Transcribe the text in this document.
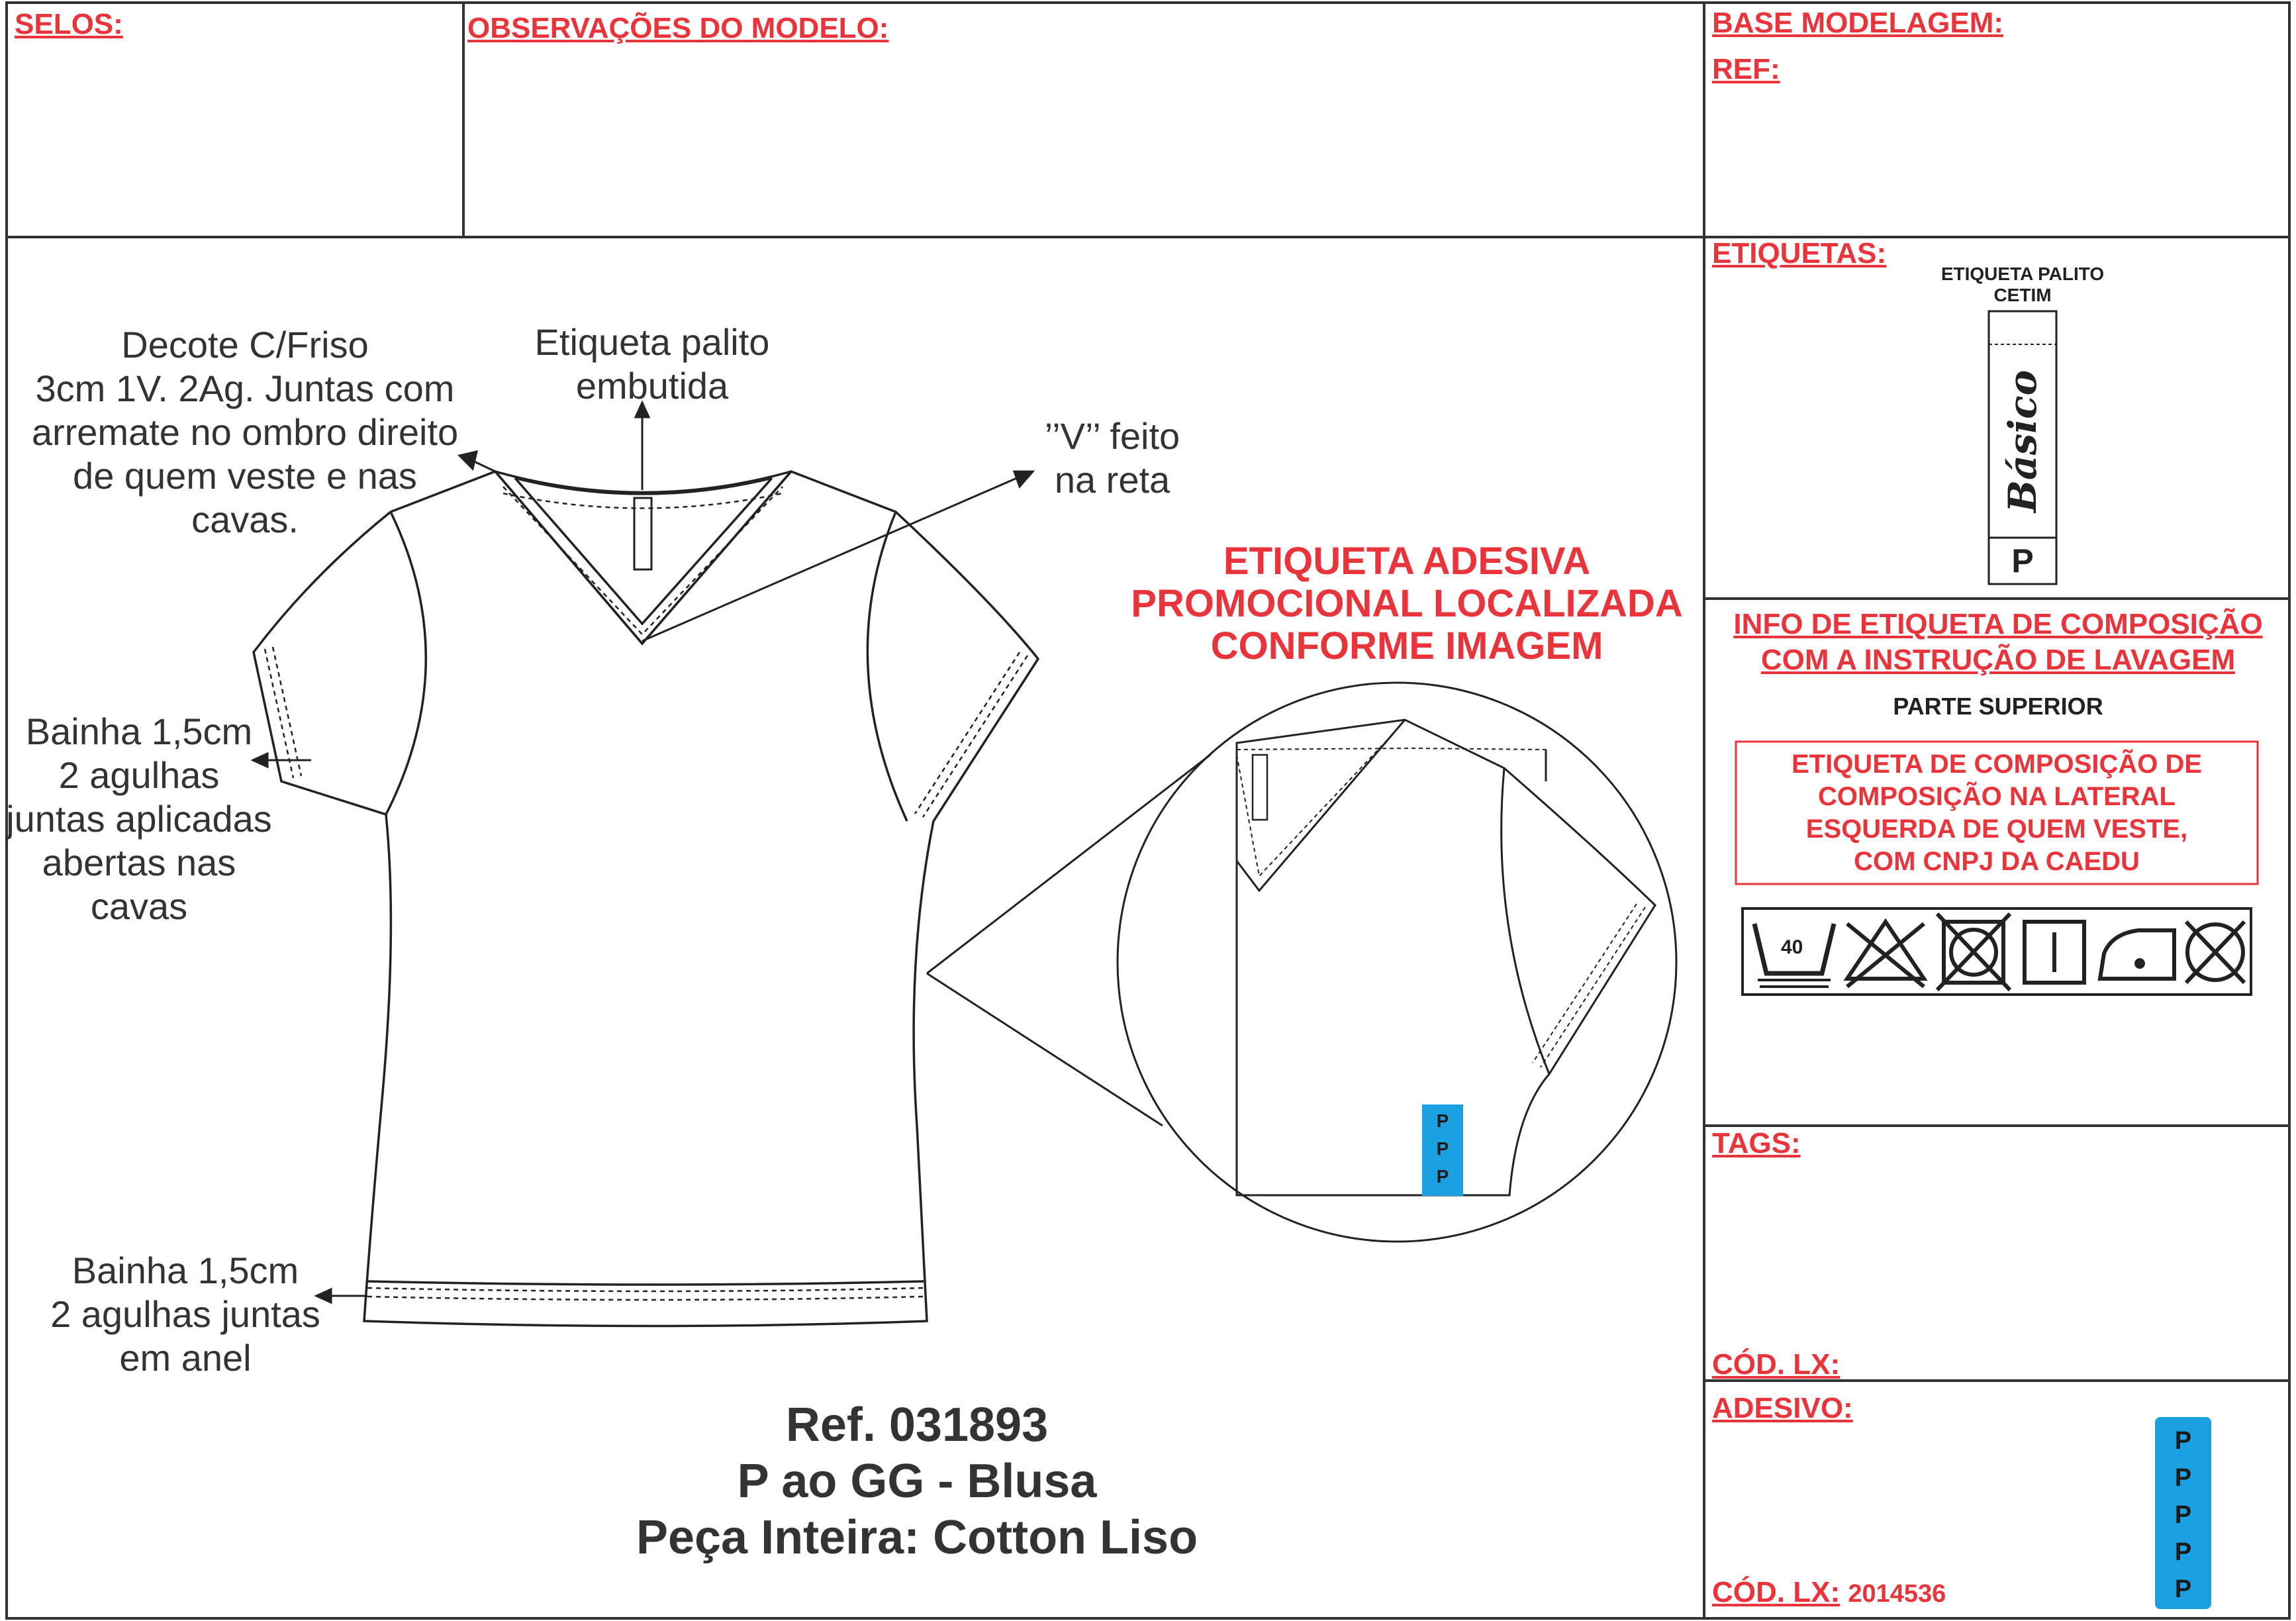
40
SELOS:	OBSERVAÇÕES DO MODELO:	BASE MODELAGEM:
REF:
Decote C/Friso
3cm 1V. 2Ag. Juntas com
arremate no ombro direito
de quem veste e nas
cavas.
Etiqueta palito
embutida
’’V’’ feito
na reta
Bainha 1,5cm
2 agulhas
juntas aplicadas
abertas nas
cavas
Bainha 1,5cm
2 agulhas juntas
em anel
ETIQUETA ADESIVA
PROMOCIONAL LOCALIZADA
CONFORME IMAGEM
P
P
P
Ref. 031893
P ao GG - Blusa
Peça Inteira: Cotton Liso
ETIQUETAS:
ETIQUETA PALITO
CETIM
Básico
P
INFO DE ETIQUETA DE COMPOSIÇÃO
COM A INSTRUÇÃO DE LAVAGEM
PARTE SUPERIOR
ETIQUETA DE COMPOSIÇÃO DE
COMPOSIÇÃO NA LATERAL
ESQUERDA DE QUEM VESTE,
COM CNPJ DA CAEDU
TAGS:
CÓD. LX:
ADESIVO:
CÓD. LX: 2014536
P
P
P
P
P
